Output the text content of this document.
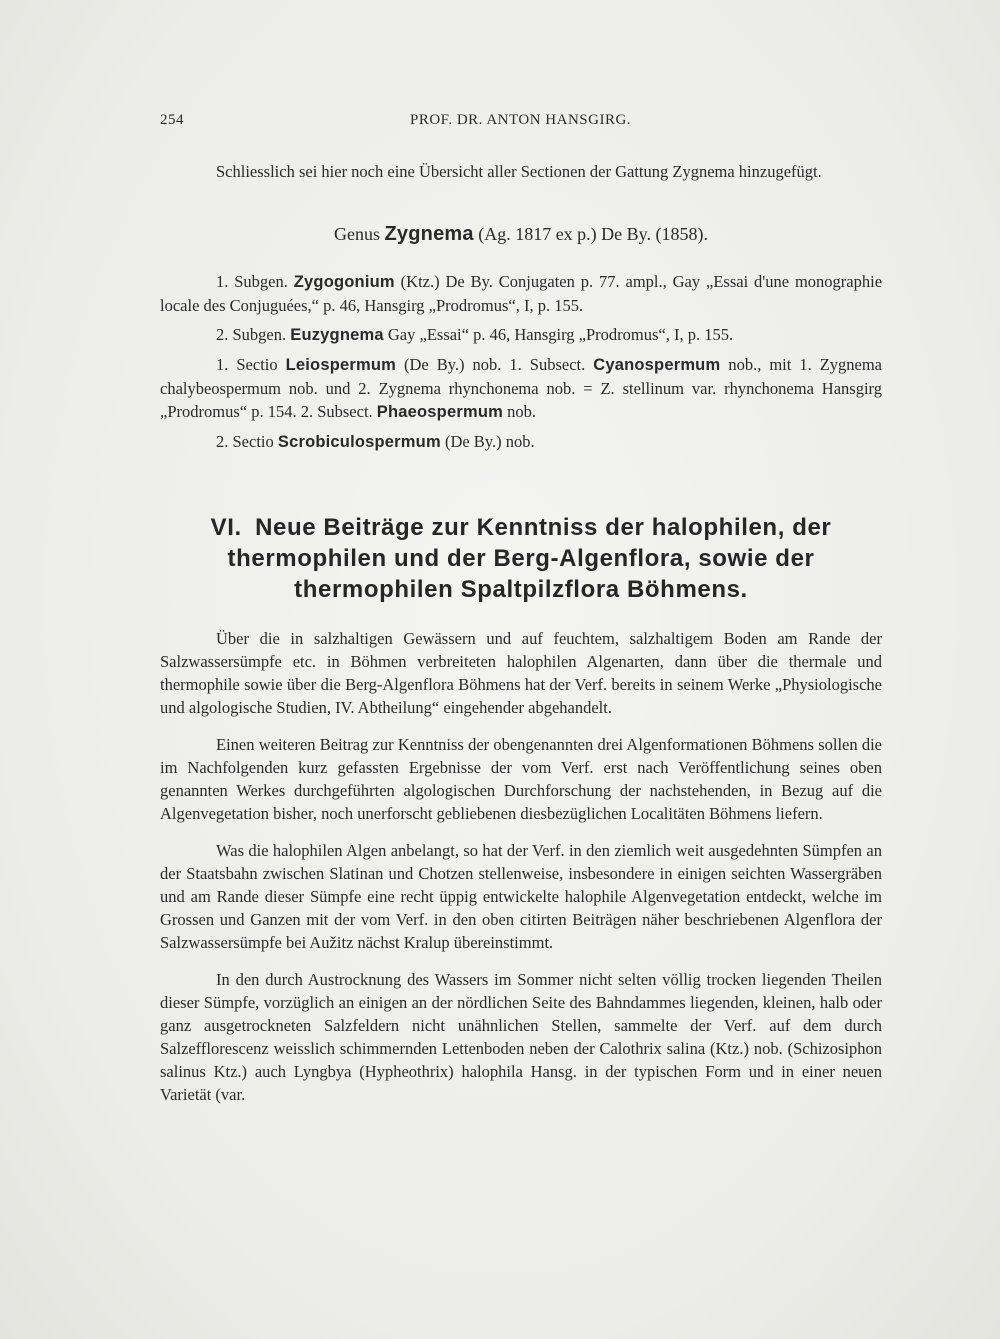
254	PROF. DR. ANTON HANSGIRG.

Schliesslich sei hier noch eine Übersicht aller Sectionen der Gattung Zygnema hinzugefügt.

Genus Zygnema (Ag. 1817 ex p.) De By. (1858).

1. Subgen. Zygogonium (Ktz.) De By. Conjugaten p. 77. ampl., Gay „Essai d'une monographie locale des Conjuguées,“ p. 46, Hansgirg „Prodromus“, I, p. 155.

2. Subgen. Euzygnema Gay „Essai“ p. 46, Hansgirg „Prodromus“, I, p. 155.

1. Sectio Leiospermum (De By.) nob. 1. Subsect. Cyanospermum nob., mit 1. Zygnema chalybeospermum nob. und 2. Zygnema rhynchonema nob. = Z. stellinum var. rhynchonema Hansgirg „Prodromus“ p. 154. 2. Subsect. Phaeospermum nob.

2. Sectio Scrobiculospermum (De By.) nob.

VI. Neue Beiträge zur Kenntniss der halophilen, der thermophilen und der Berg-Algenflora, sowie der thermophilen Spaltpilzflora Böhmens.

Über die in salzhaltigen Gewässern und auf feuchtem, salzhaltigem Boden am Rande der Salzwassersümpfe etc. in Böhmen verbreiteten halophilen Algenarten, dann über die thermale und thermophile sowie über die Berg-Algenflora Böhmens hat der Verf. bereits in seinem Werke „Physiologische und algologische Studien, IV. Abtheilung“ eingehender abgehandelt.

Einen weiteren Beitrag zur Kenntniss der obengenannten drei Algenformationen Böhmens sollen die im Nachfolgenden kurz gefassten Ergebnisse der vom Verf. erst nach Veröffentlichung seines oben genannten Werkes durchgeführten algologischen Durchforschung der nachstehenden, in Bezug auf die Algenvegetation bisher, noch unerforscht gebliebenen diesbezüglichen Localitäten Böhmens liefern.

Was die halophilen Algen anbelangt, so hat der Verf. in den ziemlich weit ausgedehnten Sümpfen an der Staatsbahn zwischen Slatinan und Chotzen stellenweise, insbesondere in einigen seichten Wassergräben und am Rande dieser Sümpfe eine recht üppig entwickelte halophile Algenvegetation entdeckt, welche im Grossen und Ganzen mit der vom Verf. in den oben citirten Beiträgen näher beschriebenen Algenflora der Salzwassersümpfe bei Aužitz nächst Kralup übereinstimmt.

In den durch Austrocknung des Wassers im Sommer nicht selten völlig trocken liegenden Theilen dieser Sümpfe, vorzüglich an einigen an der nördlichen Seite des Bahndammes liegenden, kleinen, halb oder ganz ausgetrockneten Salzfeldern nicht unähnlichen Stellen, sammelte der Verf. auf dem durch Salzefflorescenz weisslich schimmernden Lettenboden neben der Calothrix salina (Ktz.) nob. (Schizosiphon salinus Ktz.) auch Lyngbya (Hypheothrix) halophila Hansg. in der typischen Form und in einer neuen Varietät (var.
